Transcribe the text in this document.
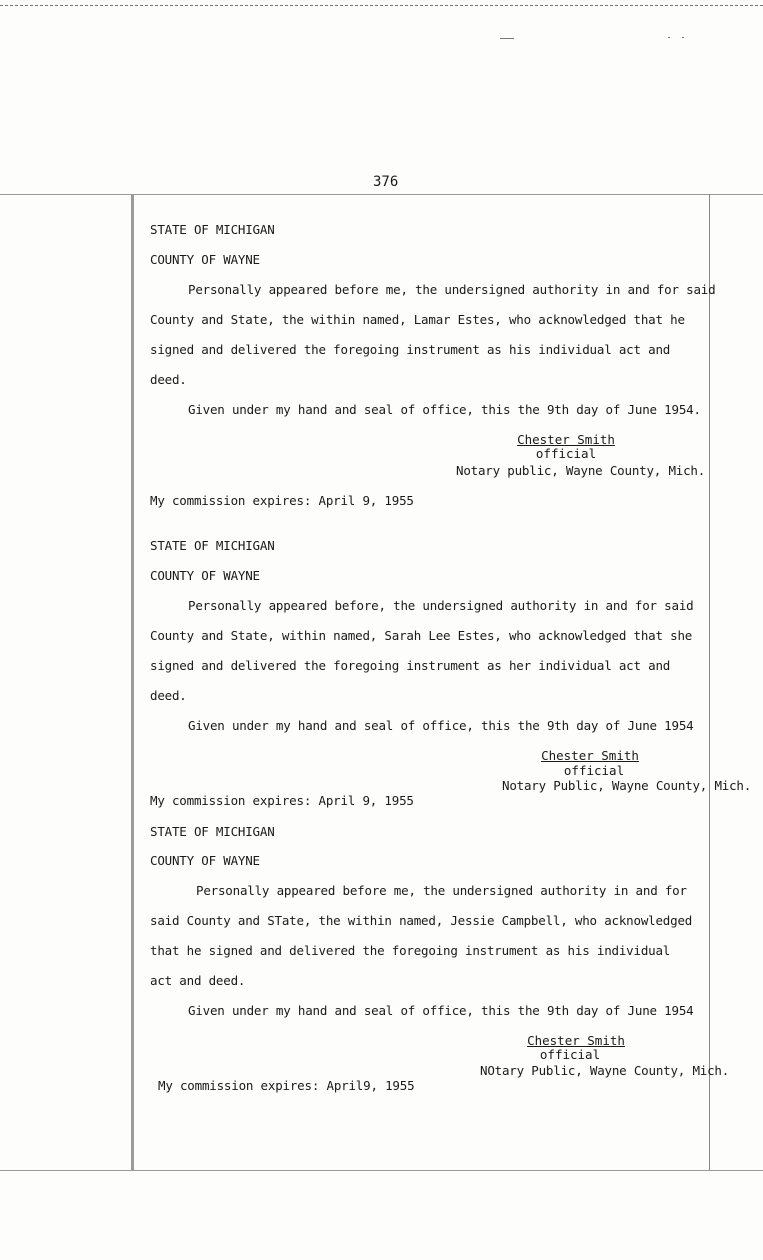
376
STATE OF MICHIGAN
COUNTY OF WAYNE
Personally appeared before me, the undersigned authority in and for said
County and State, the within named, Lamar Estes, who acknowledged that he
signed and delivered the foregoing instrument as his individual act and
deed.
Given under my hand and seal of office, this the 9th day of June 1954.
Chester Smith
official
Notary public, Wayne County, Mich.
My commission expires: April 9, 1955
STATE OF MICHIGAN
COUNTY OF WAYNE
Personally appeared before, the undersigned authority in and for said
County and State, within named, Sarah Lee Estes, who acknowledged that she
signed and delivered the foregoing instrument as her individual act and
deed.
Given under my hand and seal of office, this the 9th day of June 1954
Chester Smith
official
Notary Public, Wayne County, Mich.
My commission expires: April 9, 1955
STATE OF MICHIGAN
COUNTY OF WAYNE
Personally appeared before me, the undersigned authority in and for
said County and STate, the within named, Jessie Campbell, who acknowledged
that he signed and delivered the foregoing instrument as his individual
act and deed.
Given under my hand and seal of office, this the 9th day of June 1954
Chester Smith
official
NOtary Public, Wayne County, Mich.
My commission expires: April9, 1955
